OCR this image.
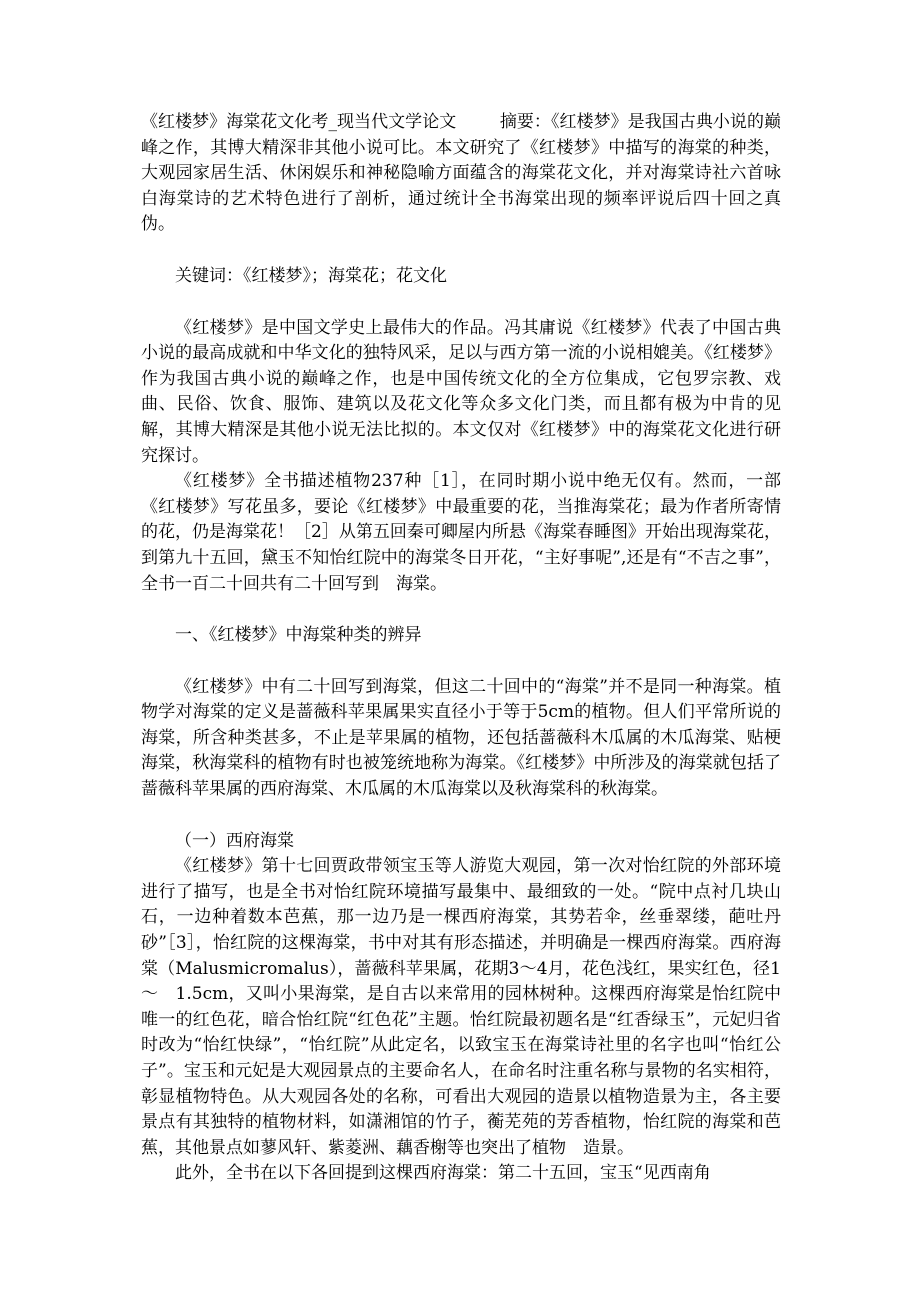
《红楼梦》海棠花文化考_现当代文学论文        摘要：《红楼梦》是我国古典小说的巅峰之作，其博大精深非其他小说可比。本文研究了《红楼梦》中描写的海棠的种类，大观园家居生活、休闲娱乐和神秘隐喻方面蕴含的海棠花文化，并对海棠诗社六首咏白海棠诗的艺术特色进行了剖析，通过统计全书海棠出现的频率评说后四十回之真伪。

关键词：《红楼梦》；海棠花；花文化

《红楼梦》是中国文学史上最伟大的作品。冯其庸说《红楼梦》代表了中国古典小说的最高成就和中华文化的独特风采，足以与西方第一流的小说相媲美。《红楼梦》作为我国古典小说的巅峰之作，也是中国传统文化的全方位集成，它包罗宗教、戏曲、民俗、饮食、服饰、建筑以及花文化等众多文化门类，而且都有极为中肯的见解，其博大精深是其他小说无法比拟的。本文仅对《红楼梦》中的海棠花文化进行研究探讨。

《红楼梦》全书描述植物237种［1］，在同时期小说中绝无仅有。然而，一部《红楼梦》写花虽多，要论《红楼梦》中最重要的花，当推海棠花；最为作者所寄情的花，仍是海棠花！［2］从第五回秦可卿屋内所悬《海棠春睡图》开始出现海棠花，到第九十五回，黛玉不知怡红院中的海棠冬日开花，“主好事呢”,还是有“不吉之事”，全书一百二十回共有二十回写到　海棠。

一、《红楼梦》中海棠种类的辨异

《红楼梦》中有二十回写到海棠，但这二十回中的“海棠”并不是同一种海棠。植物学对海棠的定义是蔷薇科苹果属果实直径小于等于5cm的植物。但人们平常所说的海棠，所含种类甚多，不止是苹果属的植物，还包括蔷薇科木瓜属的木瓜海棠、贴梗海棠，秋海棠科的植物有时也被笼统地称为海棠。《红楼梦》中所涉及的海棠就包括了蔷薇科苹果属的西府海棠、木瓜属的木瓜海棠以及秋海棠科的秋海棠。

（一）西府海棠

《红楼梦》第十七回贾政带领宝玉等人游览大观园，第一次对怡红院的外部环境进行了描写，也是全书对怡红院环境描写最集中、最细致的一处。“院中点衬几块山石，一边种着数本芭蕉，那一边乃是一棵西府海棠，其势若伞，丝垂翠缕，葩吐丹砂”［3］，怡红院的这棵海棠，书中对其有形态描述，并明确是一棵西府海棠。西府海棠（Malusmicromalus），蔷薇科苹果属，花期3～4月，花色浅红，果实红色，径1～　1.5cm，又叫小果海棠，是自古以来常用的园林树种。这棵西府海棠是怡红院中唯一的红色花，暗合怡红院“红色花”主题。怡红院最初题名是“红香绿玉”，元妃归省时改为“怡红快绿”，“怡红院”从此定名，以致宝玉在海棠诗社里的名字也叫“怡红公子”。宝玉和元妃是大观园景点的主要命名人，在命名时注重名称与景物的名实相符，彰显植物特色。从大观园各处的名称，可看出大观园的造景以植物造景为主，各主要景点有其独特的植物材料，如潇湘馆的竹子，蘅芜苑的芳香植物，怡红院的海棠和芭蕉，其他景点如蓼风轩、紫菱洲、藕香榭等也突出了植物　造景。

此外，全书在以下各回提到这棵西府海棠：第二十五回，宝玉“见西南角
